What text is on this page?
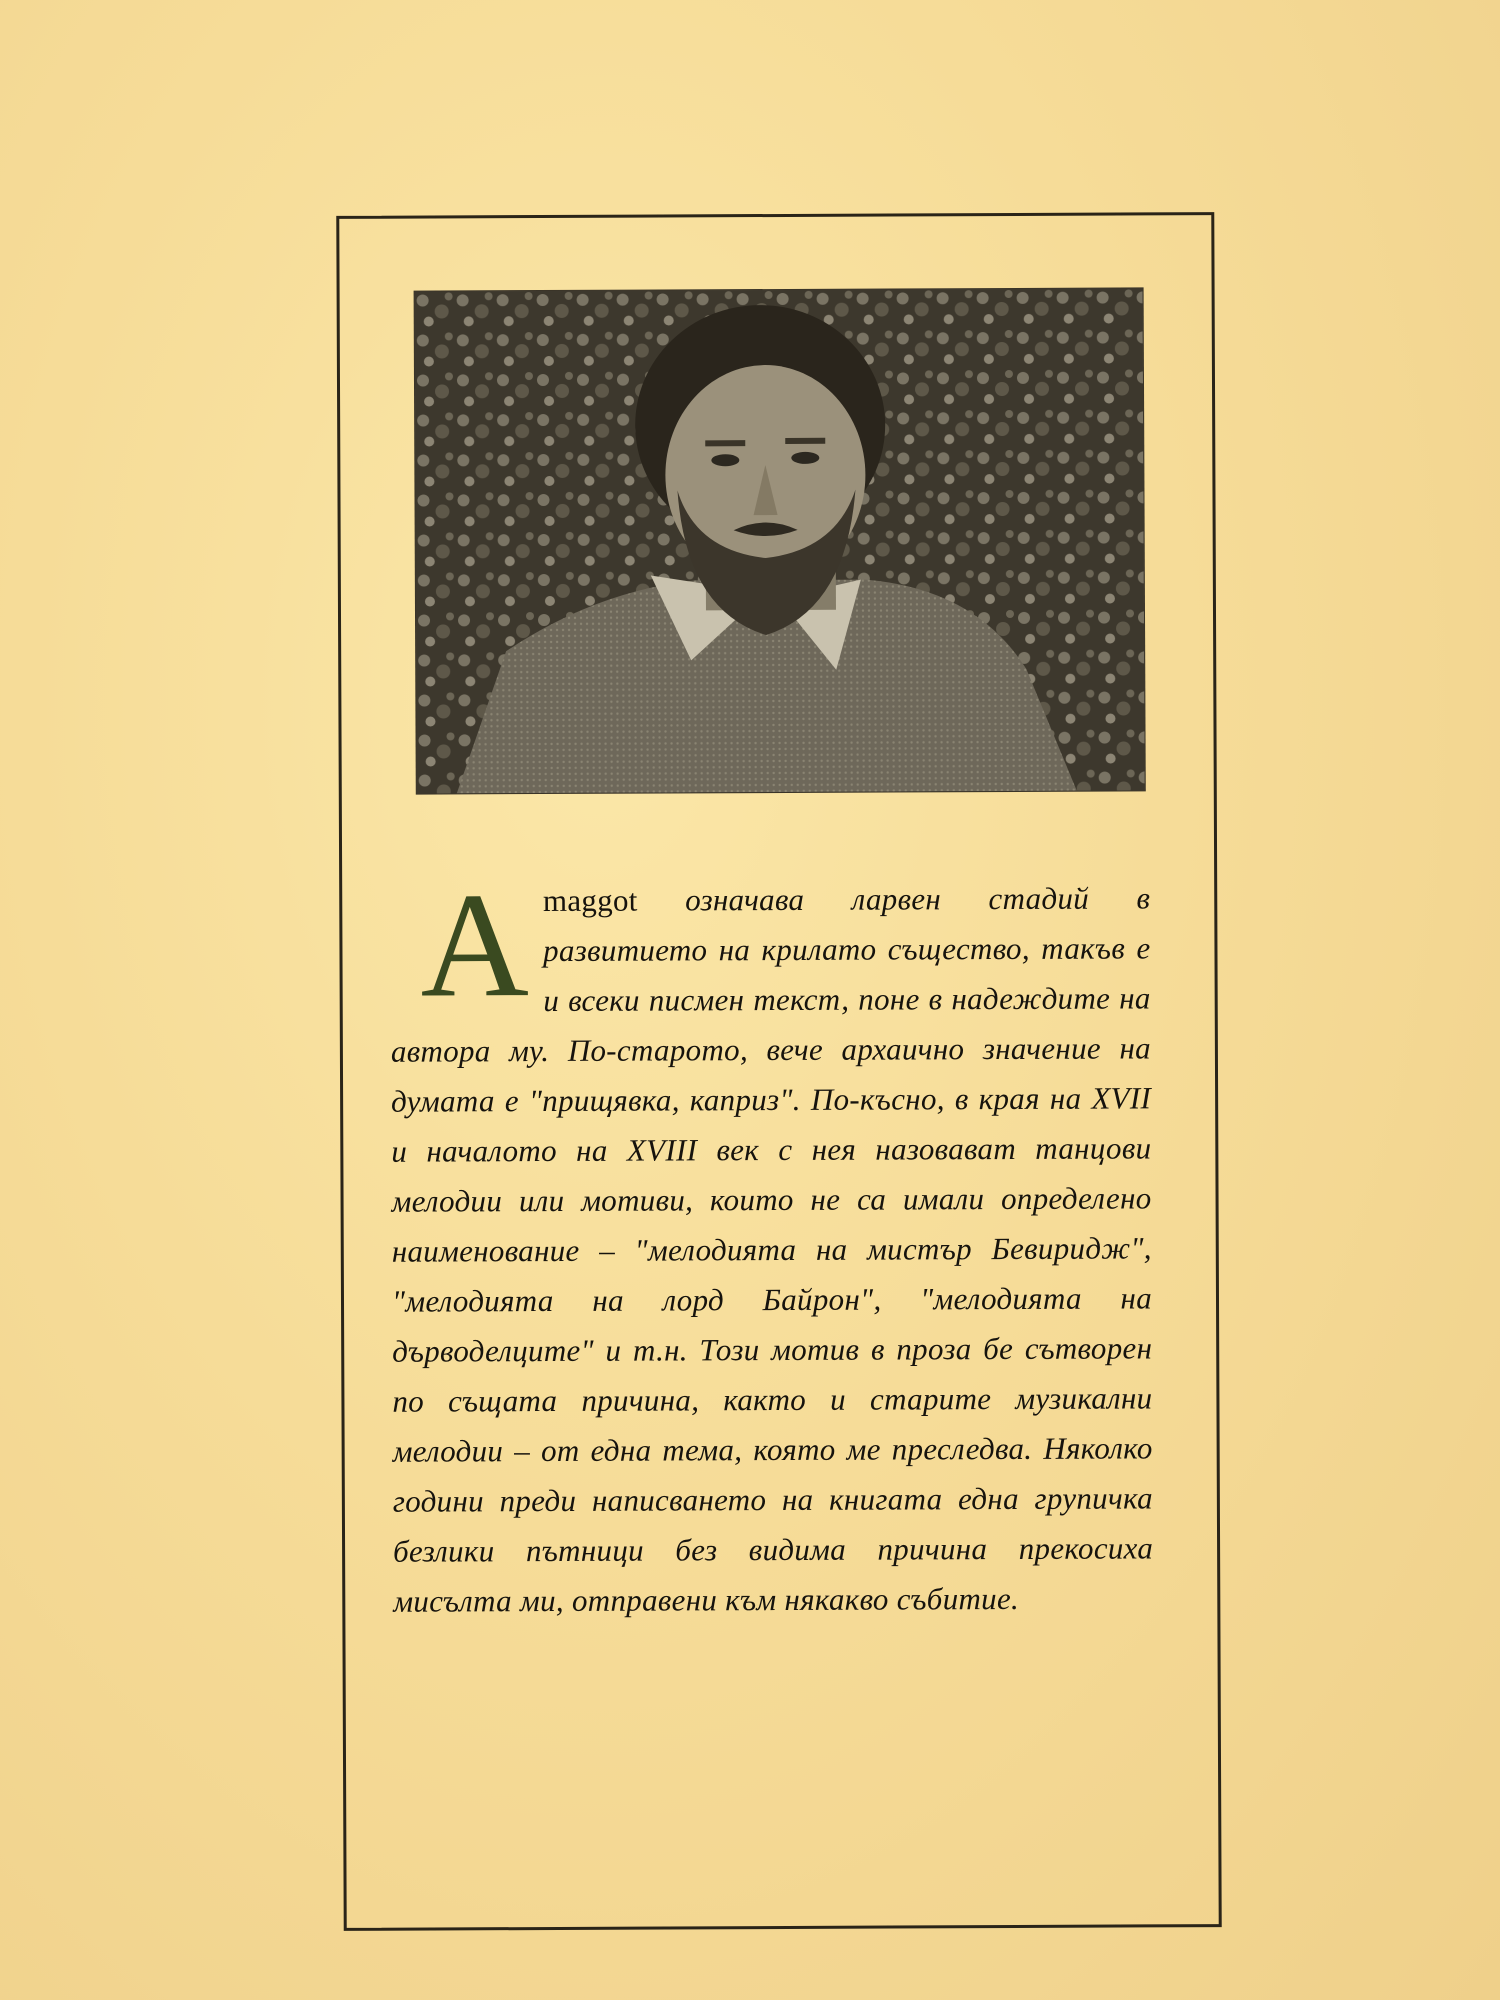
Amaggot означава ларвен стадий в развитието на крилато същество, такъв е и всеки писмен текст, поне в надеждите на автора му. По-старото, вече архаично значение на думата е "прищявка, каприз". По-късно, в края на XVII и началото на XVIII век с нея назовават танцови мелодии или мотиви, които не са имали определено наименование – "мелодията на мистър Бевиридж", "мелодията на лорд Байрон", "мелодията на дърводелците" и т.н. Този мотив в проза бе сътворен по същата причина, както и старите музикални мелодии – от една тема, която ме преследва. Няколко години преди написването на книгата една групичка безлики пътници без видима причина прекосиха мисълта ми, отправени към някакво събитие.
